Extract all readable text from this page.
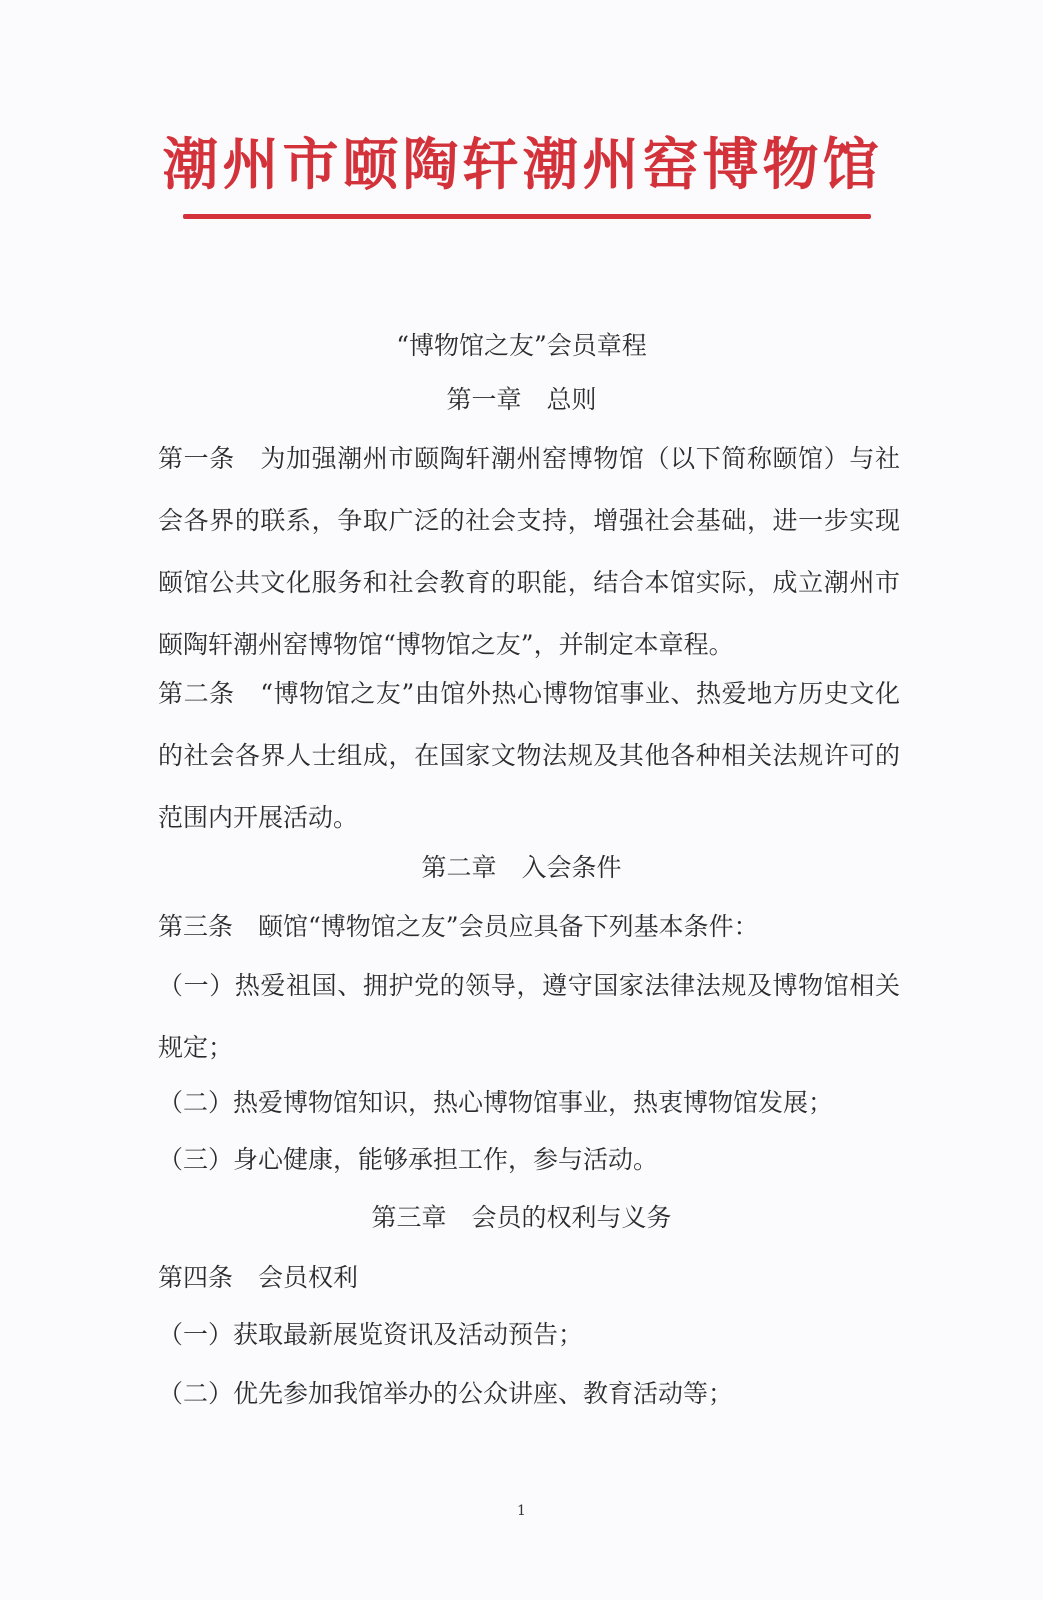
潮州市颐陶轩潮州窑博物馆
“博物馆之友”会员章程
第一章　总则
第一条　为加强潮州市颐陶轩潮州窑博物馆（以下简称颐馆）与社会各界的联系，争取广泛的社会支持，增强社会基础，进一步实现颐馆公共文化服务和社会教育的职能，结合本馆实际，成立潮州市颐陶轩潮州窑博物馆“博物馆之友”，并制定本章程。
第二条　“博物馆之友”由馆外热心博物馆事业、热爱地方历史文化的社会各界人士组成，在国家文物法规及其他各种相关法规许可的范围内开展活动。
第二章　入会条件
第三条　颐馆“博物馆之友”会员应具备下列基本条件：
（一）热爱祖国、拥护党的领导，遵守国家法律法规及博物馆相关规定；
（二）热爱博物馆知识，热心博物馆事业，热衷博物馆发展；
（三）身心健康，能够承担工作，参与活动。
第三章　会员的权利与义务
第四条　会员权利
（一）获取最新展览资讯及活动预告；
（二）优先参加我馆举办的公众讲座、教育活动等；
1
